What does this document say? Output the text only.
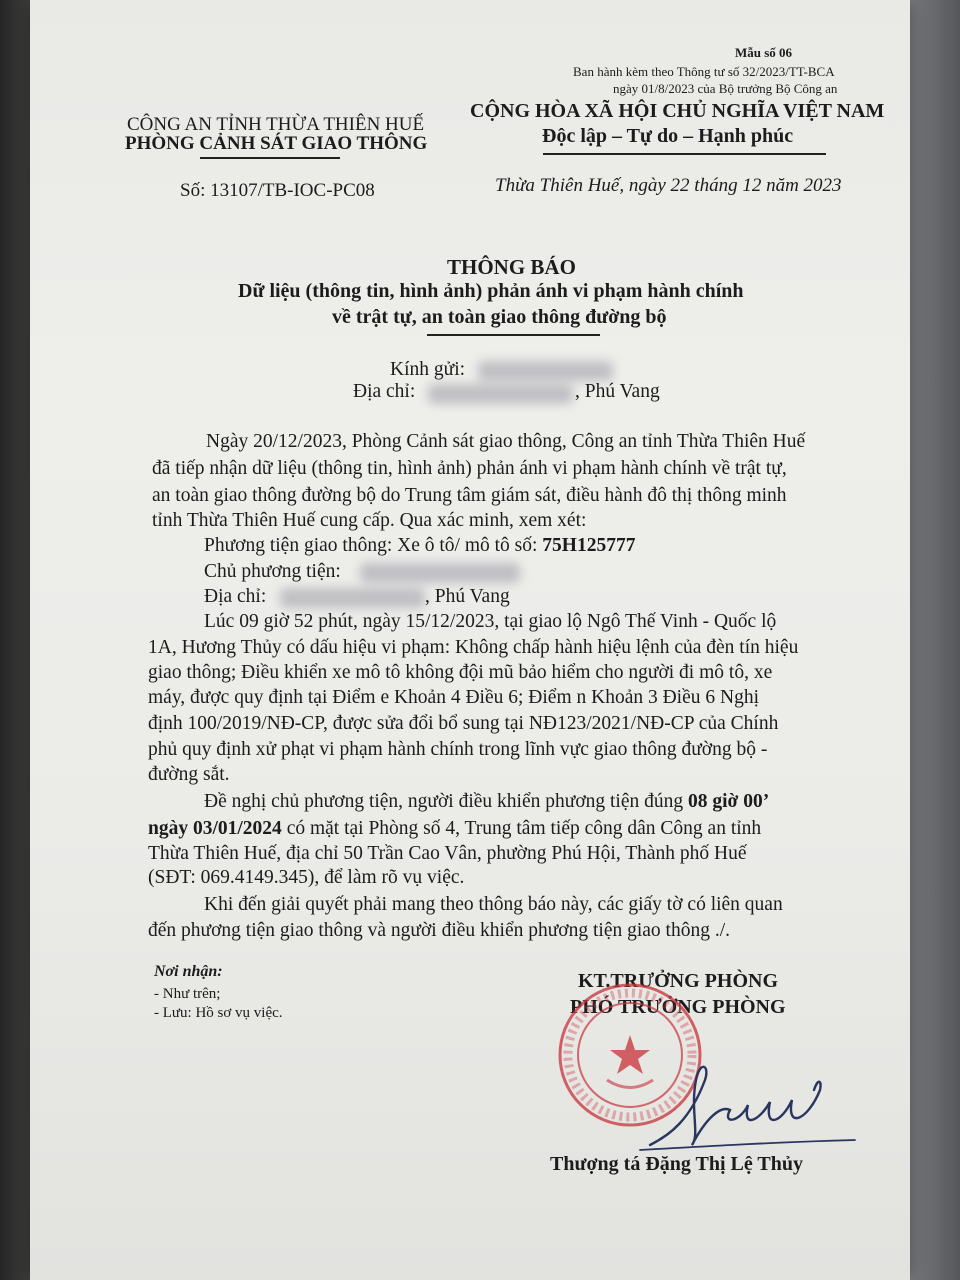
Mẫu số 06
Ban hành kèm theo Thông tư số 32/2023/TT-BCA
ngày 01/8/2023 của Bộ trưởng Bộ Công an
CÔNG AN TỈNH THỪA THIÊN HUẾ
PHÒNG CẢNH SÁT GIAO THÔNG
Số: 13107/TB-IOC-PC08
CỘNG HÒA XÃ HỘI CHỦ NGHĨA VIỆT NAM
Độc lập – Tự do – Hạnh phúc
Thừa Thiên Huế, ngày 22 tháng 12 năm 2023
THÔNG BÁO
Dữ liệu (thông tin, hình ảnh) phản ánh vi phạm hành chính
về trật tự, an toàn giao thông đường bộ
Kính gửi:
Địa chỉ:	, Phú Vang
Ngày 20/12/2023, Phòng Cảnh sát giao thông, Công an tỉnh Thừa Thiên Huế
đã tiếp nhận dữ liệu (thông tin, hình ảnh) phản ánh vi phạm hành chính về trật tự,
an toàn giao thông đường bộ do Trung tâm giám sát, điều hành đô thị thông minh
tỉnh Thừa Thiên Huế cung cấp. Qua xác minh, xem xét:
Phương tiện giao thông: Xe ô tô/ mô tô số: 75H125777
Chủ phương tiện:
Địa chỉ:	, Phú Vang
Lúc 09 giờ 52 phút, ngày 15/12/2023, tại giao lộ Ngô Thế Vinh - Quốc lộ
1A, Hương Thủy có dấu hiệu vi phạm: Không chấp hành hiệu lệnh của đèn tín hiệu
giao thông; Điều khiển xe mô tô không đội mũ bảo hiểm cho người đi mô tô, xe
máy, được quy định tại Điểm e Khoản 4 Điều 6; Điểm n Khoản 3 Điều 6 Nghị
định 100/2019/NĐ-CP, được sửa đổi bổ sung tại NĐ123/2021/NĐ-CP của Chính
phủ quy định xử phạt vi phạm hành chính trong lĩnh vực giao thông đường bộ -
đường sắt.
Đề nghị chủ phương tiện, người điều khiển phương tiện đúng 08 giờ 00’
ngày 03/01/2024 có mặt tại Phòng số 4, Trung tâm tiếp công dân Công an tỉnh
Thừa Thiên Huế, địa chỉ 50 Trần Cao Vân, phường Phú Hội, Thành phố Huế
(SĐT: 069.4149.345), để làm rõ vụ việc.
Khi đến giải quyết phải mang theo thông báo này, các giấy tờ có liên quan
đến phương tiện giao thông và người điều khiển phương tiện giao thông ./.
Nơi nhận:
- Như trên;
- Lưu: Hồ sơ vụ việc.
KT.TRƯỞNG PHÒNG
PHÓ TRƯỞNG PHÒNG
Thượng tá Đặng Thị Lệ Thủy
